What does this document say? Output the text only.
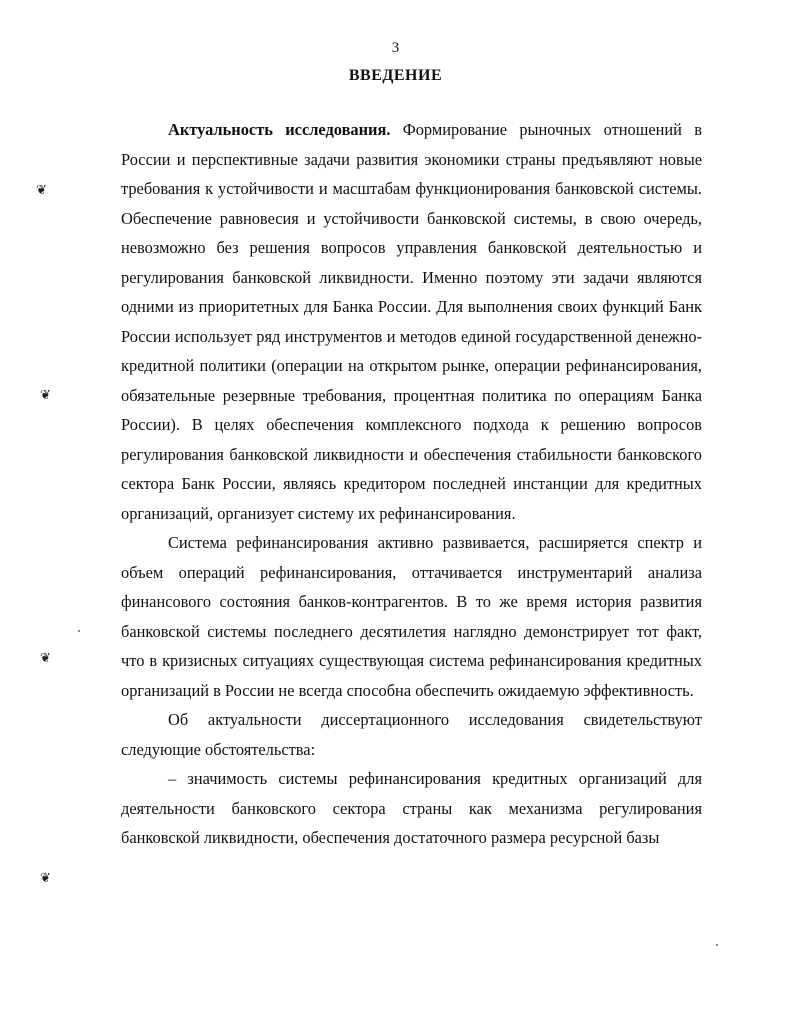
3
ВВЕДЕНИЕ

Актуальность исследования. Формирование рыночных отношений в России и перспективные задачи развития экономики страны предъявляют новые требования к устойчивости и масштабам функционирования банковской системы. Обеспечение равновесия и устойчивости банковской системы, в свою очередь, невозможно без решения вопросов управления банковской деятельностью и регулирования банковской ликвидности. Именно поэтому эти задачи являются одними из приоритетных для Банка России. Для выполнения своих функций Банк России использует ряд инструментов и методов единой государственной денежно-кредитной политики (операции на открытом рынке, операции рефинансирования, обязательные резервные требования, процентная политика по операциям Банка России). В целях обеспечения комплексного подхода к решению вопросов регулирования банковской ликвидности и обеспечения стабильности банковского сектора Банк России, являясь кредитором последней инстанции для кредитных организаций, организует систему их рефинансирования.

Система рефинансирования активно развивается, расширяется спектр и объем операций рефинансирования, оттачивается инструментарий анализа финансового состояния банков-контрагентов. В то же время история развития банковской системы последнего десятилетия наглядно демонстрирует тот факт, что в кризисных ситуациях существующая система рефинансирования кредитных организаций в России не всегда способна обеспечить ожидаемую эффективность.

Об актуальности диссертационного исследования свидетельствуют следующие обстоятельства:

– значимость системы рефинансирования кредитных организаций для деятельности банковского сектора страны как механизма регулирования банковской ликвидности, обеспечения достаточного размера ресурсной базы

❦
❦
❦
❦
